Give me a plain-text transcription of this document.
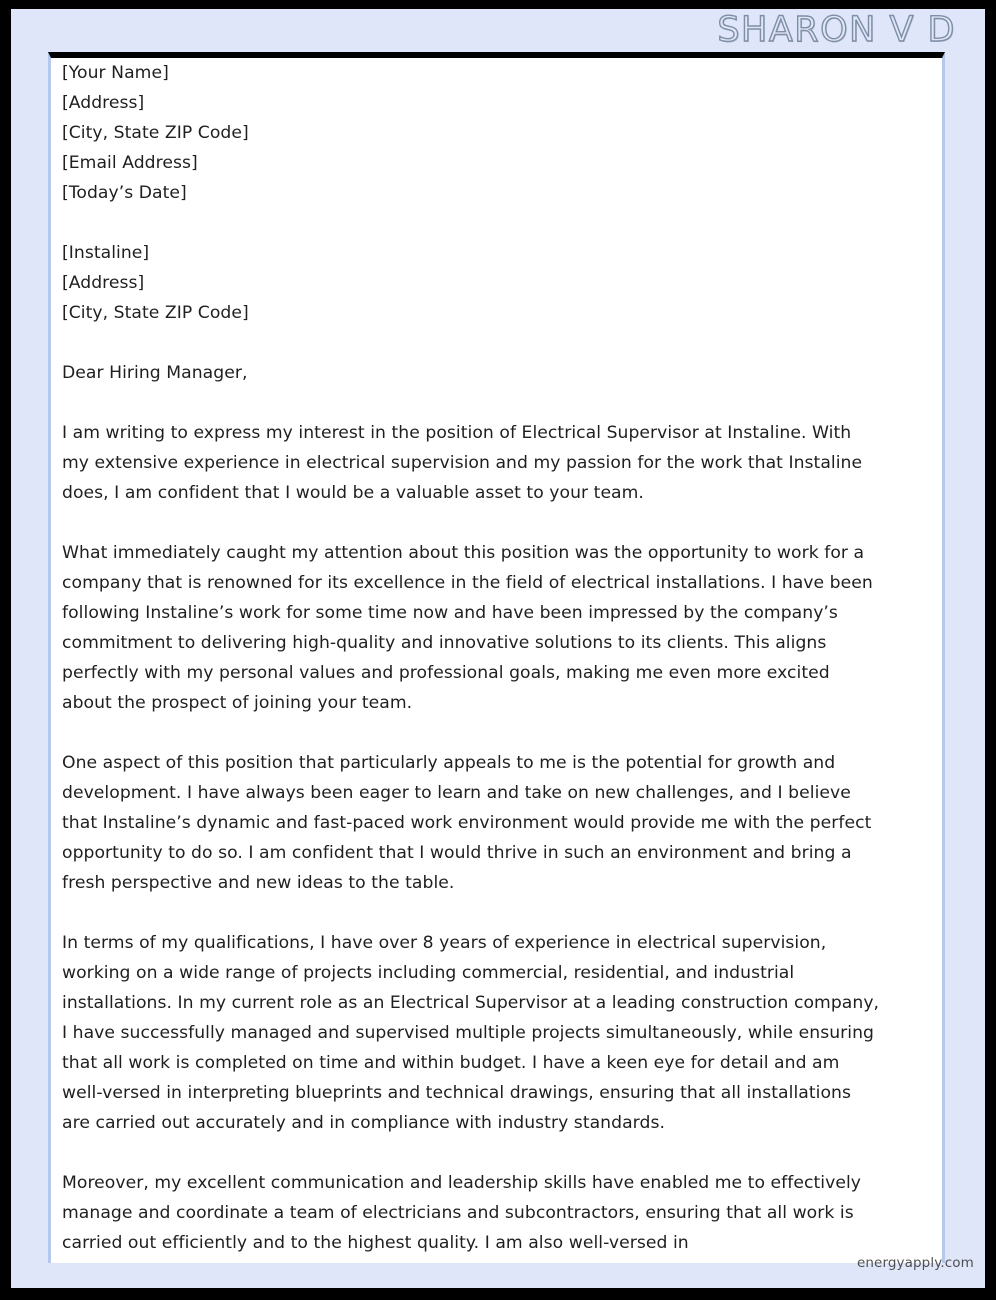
SHARON V D
[Your Name]
[Address]
[City, State ZIP Code]
[Email Address]
[Today’s Date]
[Instaline]
[Address]
[City, State ZIP Code]
Dear Hiring Manager,
I am writing to express my interest in the position of Electrical Supervisor at Instaline. With my extensive experience in electrical supervision and my passion for the work that Instaline does, I am confident that I would be a valuable asset to your team.
What immediately caught my attention about this position was the opportunity to work for a company that is renowned for its excellence in the field of electrical installations. I have been following Instaline’s work for some time now and have been impressed by the company’s commitment to delivering high-quality and innovative solutions to its clients. This aligns perfectly with my personal values and professional goals, making me even more excited about the prospect of joining your team.
One aspect of this position that particularly appeals to me is the potential for growth and development. I have always been eager to learn and take on new challenges, and I believe that Instaline’s dynamic and fast-paced work environment would provide me with the perfect opportunity to do so. I am confident that I would thrive in such an environment and bring a fresh perspective and new ideas to the table.
In terms of my qualifications, I have over 8 years of experience in electrical supervision, working on a wide range of projects including commercial, residential, and industrial installations. In my current role as an Electrical Supervisor at a leading construction company, I have successfully managed and supervised multiple projects simultaneously, while ensuring that all work is completed on time and within budget. I have a keen eye for detail and am well-versed in interpreting blueprints and technical drawings, ensuring that all installations are carried out accurately and in compliance with industry standards.
Moreover, my excellent communication and leadership skills have enabled me to effectively manage and coordinate a team of electricians and subcontractors, ensuring that all work is carried out efficiently and to the highest quality. I am also well-versed in
energyapply.com
